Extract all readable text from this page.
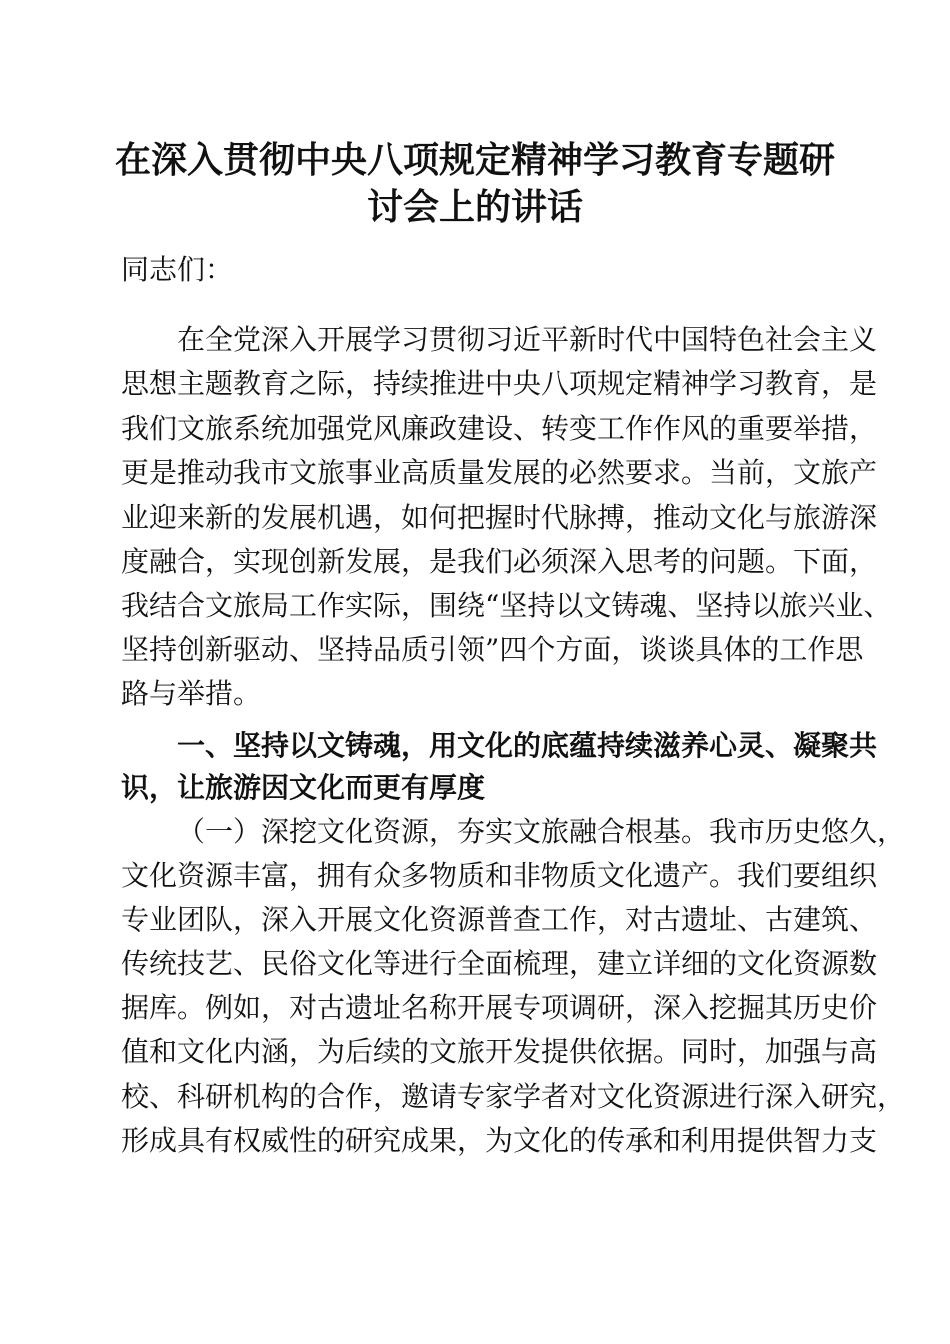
在深入贯彻中央八项规定精神学习教育专题研
讨会上的讲话
同志们：
在全党深入开展学习贯彻习近平新时代中国特色社会主义
思想主题教育之际，持续推进中央八项规定精神学习教育，是
我们文旅系统加强党风廉政建设、转变工作作风的重要举措，
更是推动我市文旅事业高质量发展的必然要求。当前，文旅产
业迎来新的发展机遇，如何把握时代脉搏，推动文化与旅游深
度融合，实现创新发展，是我们必须深入思考的问题。下面，
我结合文旅局工作实际，围绕“坚持以文铸魂、坚持以旅兴业、
坚持创新驱动、坚持品质引领”四个方面，谈谈具体的工作思
路与举措。
一、坚持以文铸魂，用文化的底蕴持续滋养心灵、凝聚共
识，让旅游因文化而更有厚度
（一）深挖文化资源，夯实文旅融合根基。我市历史悠久，
文化资源丰富，拥有众多物质和非物质文化遗产。我们要组织
专业团队，深入开展文化资源普查工作，对古遗址、古建筑、
传统技艺、民俗文化等进行全面梳理，建立详细的文化资源数
据库。例如，对古遗址名称开展专项调研，深入挖掘其历史价
值和文化内涵，为后续的文旅开发提供依据。同时，加强与高
校、科研机构的合作，邀请专家学者对文化资源进行深入研究，
形成具有权威性的研究成果，为文化的传承和利用提供智力支
